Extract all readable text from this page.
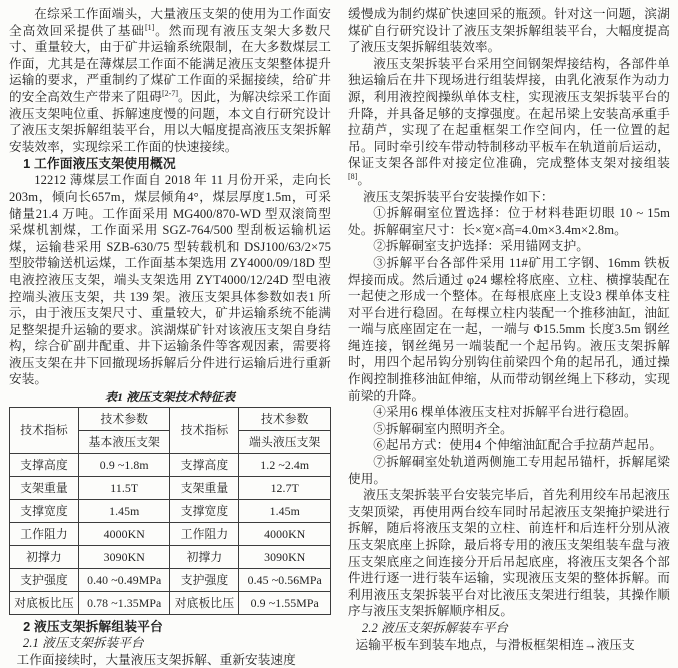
在综采工作面端头，大量液压支架的使用为工作面安全高效回采提供了基础[1]。然而现有液压支架大多数尺寸、重量较大，由于矿井运输系统限制，在大多数煤层工作面，尤其是在薄煤层工作面不能满足液压支架整体提升运输的要求，严重制约了煤矿工作面的采掘接续，给矿井的安全高效生产带来了阻碍[2-7]。因此，为解决综采工作面液压支架吨位重、拆解速度慢的问题，本文自行研究设计了液压支架拆解组装平台，用以大幅度提高液压支架拆解安装效率，实现综采工作面的快速接续。

1 工作面液压支架使用概况

12212 薄煤层工作面自 2018 年 11 月份开采，走向长203m，倾向长657m，煤层倾角4°，煤层厚度1.5m，可采储量21.4 万吨。工作面采用 MG400/870-WD 型双滚筒型采煤机割煤，工作面采用 SGZ-764/500 型刮板运输机运煤，运输巷采用 SZB-630/75 型转载机和 DSJ100/63/2×75 型胶带输送机运煤，工作面基本架选用 ZY4000/09/18D 型电液控液压支架，端头支架选用 ZYT4000/12/24D 型电液控端头液压支架，共 139 架。液压支架具体参数如表1 所示，由于液压支架尺寸、重量较大，矿井运输系统不能满足整架提升运输的要求。滨湖煤矿针对该液压支架自身结构，综合矿副井配重、井下运输条件等客观因素，需要将液压支架在井下回撤现场拆解后分件进行运输后进行重新安装。

表1 液压支架技术特征表
技术指标	技术参数	技术指标	技术参数
	基本液压支架		端头液压支架
支撑高度	0.9 ~1.8m	支撑高度	1.2 ~2.4m
支架重量	11.5T	支架重量	12.7T
支撑宽度	1.45m	支撑宽度	1.45m
工作阻力	4000KN	工作阻力	4000KN
初撑力	3090KN	初撑力	3090KN
支护强度	0.40 ~0.49MPa	支护强度	0.45 ~0.56MPa
对底板比压	0.78 ~1.35MPa	对底板比压	0.9 ~1.55MPa

2 液压支架拆解组装平台

2.1 液压支架拆装平台

工作面接续时，大量液压支架拆解、重新安装速度

缓慢成为制约煤矿快速回采的瓶颈。针对这一问题，滨湖煤矿自行研究设计了液压支架拆解组装平台，大幅度提高了液压支架拆解组装效率。

液压支架拆装平台采用空间钢架焊接结构，各部件单独运输后在井下现场进行组装焊接，由乳化液泵作为动力源，利用液控阀操纵单体支柱，实现液压支架拆装平台的升降，并具备足够的支撑强度。在起吊梁上安装高承重手拉葫芦，实现了在起重框架工作空间内，任一位置的起吊。同时牵引绞车带动特制移动平板车在轨道前后运动，保证支架各部件对接定位准确，完成整体支架对接组装[8]。

液压支架拆装平台安装操作如下：

①拆解硐室位置选择：位于材料巷距切眼 10 ~ 15m 处。拆解硐室尺寸：长×宽×高=4.0m×3.4m×2.8m。

②拆解硐室支护选择：采用锚网支护。

③拆解平台各部件采用 11#矿用工字钢、16mm 铁板焊接而成。然后通过 φ24 螺栓将底座、立柱、横撑装配在一起使之形成一个整体。在每根底座上支设3 棵单体支柱对平台进行稳固。在每棵立柱内装配一个推移油缸，油缸一端与底座固定在一起，一端与 Φ15.5mm 长度3.5m 钢丝绳连接，钢丝绳另一端装配一个起吊钩。液压支架拆解时，用四个起吊钩分别钩住前梁四个角的起吊孔，通过操作阀控制推移油缸伸缩，从而带动钢丝绳上下移动，实现前梁的升降。

④采用6 棵单体液压支柱对拆解平台进行稳固。

⑤拆解硐室内照明齐全。

⑥起吊方式：使用4 个伸缩油缸配合手拉葫芦起吊。

⑦拆解硐室处轨道两侧施工专用起吊锚杆，拆解尾梁使用。

液压支架拆装平台安装完毕后，首先利用绞车吊起液压支架顶梁，再使用两台绞车同时吊起液压支架掩护梁进行拆解，随后将液压支架的立柱、前连杆和后连杆分别从液压支架底座上拆除，最后将专用的液压支架组装车盘与液压支架底座之间连接分开后吊起底座，将液压支架各个部件进行逐一进行装车运输，实现液压支架的整体拆解。而利用液压支架拆装平台对比液压支架进行组装，其操作顺序与液压支架拆解顺序相反。

2.2 液压支架拆解装车平台

运输平板车到装车地点，与滑板框架相连→液压支
